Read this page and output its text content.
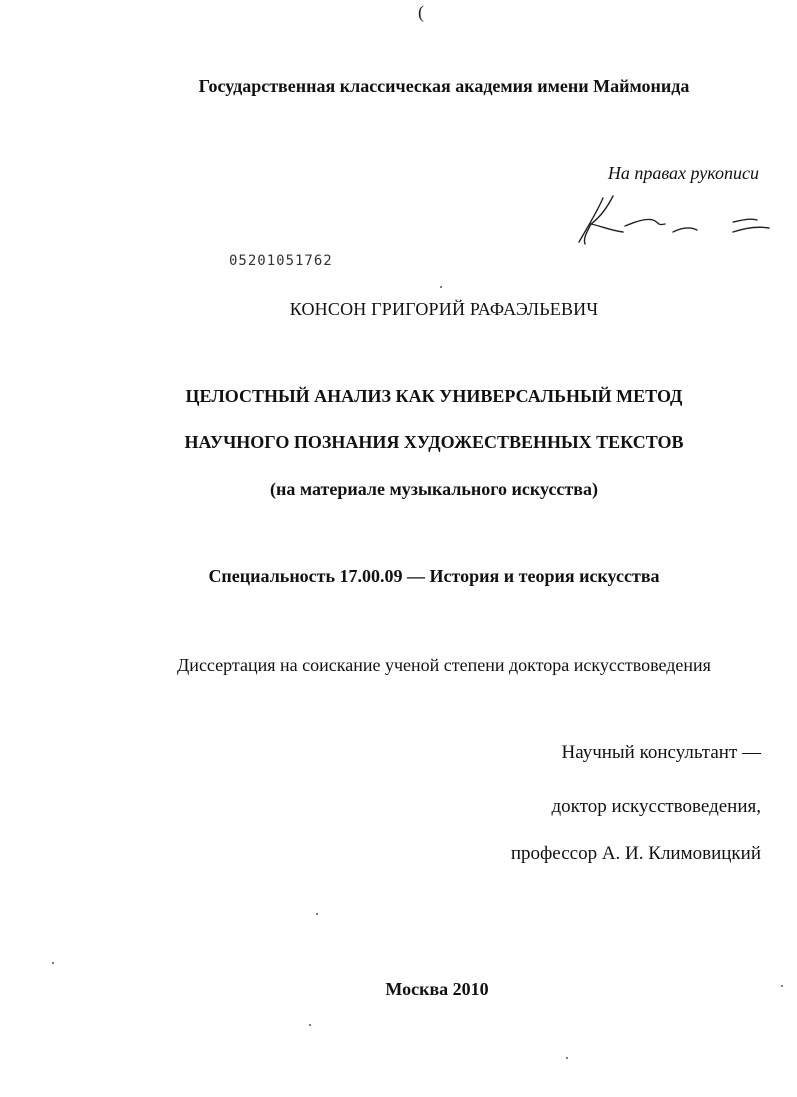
(
Государственная классическая академия имени Маймонида
На правах рукописи
05201051762
КОНСОН ГРИГОРИЙ РАФАЭЛЬЕВИЧ
ЦЕЛОСТНЫЙ АНАЛИЗ КАК УНИВЕРСАЛЬНЫЙ МЕТОД
НАУЧНОГО ПОЗНАНИЯ ХУДОЖЕСТВЕННЫХ ТЕКСТОВ
(на материале музыкального искусства)
Специальность 17.00.09 — История и теория искусства
Диссертация на соискание ученой степени доктора искусствоведения
Научный консультант —
доктор искусствоведения,
профессор А. И. Климовицкий
Москва 2010
